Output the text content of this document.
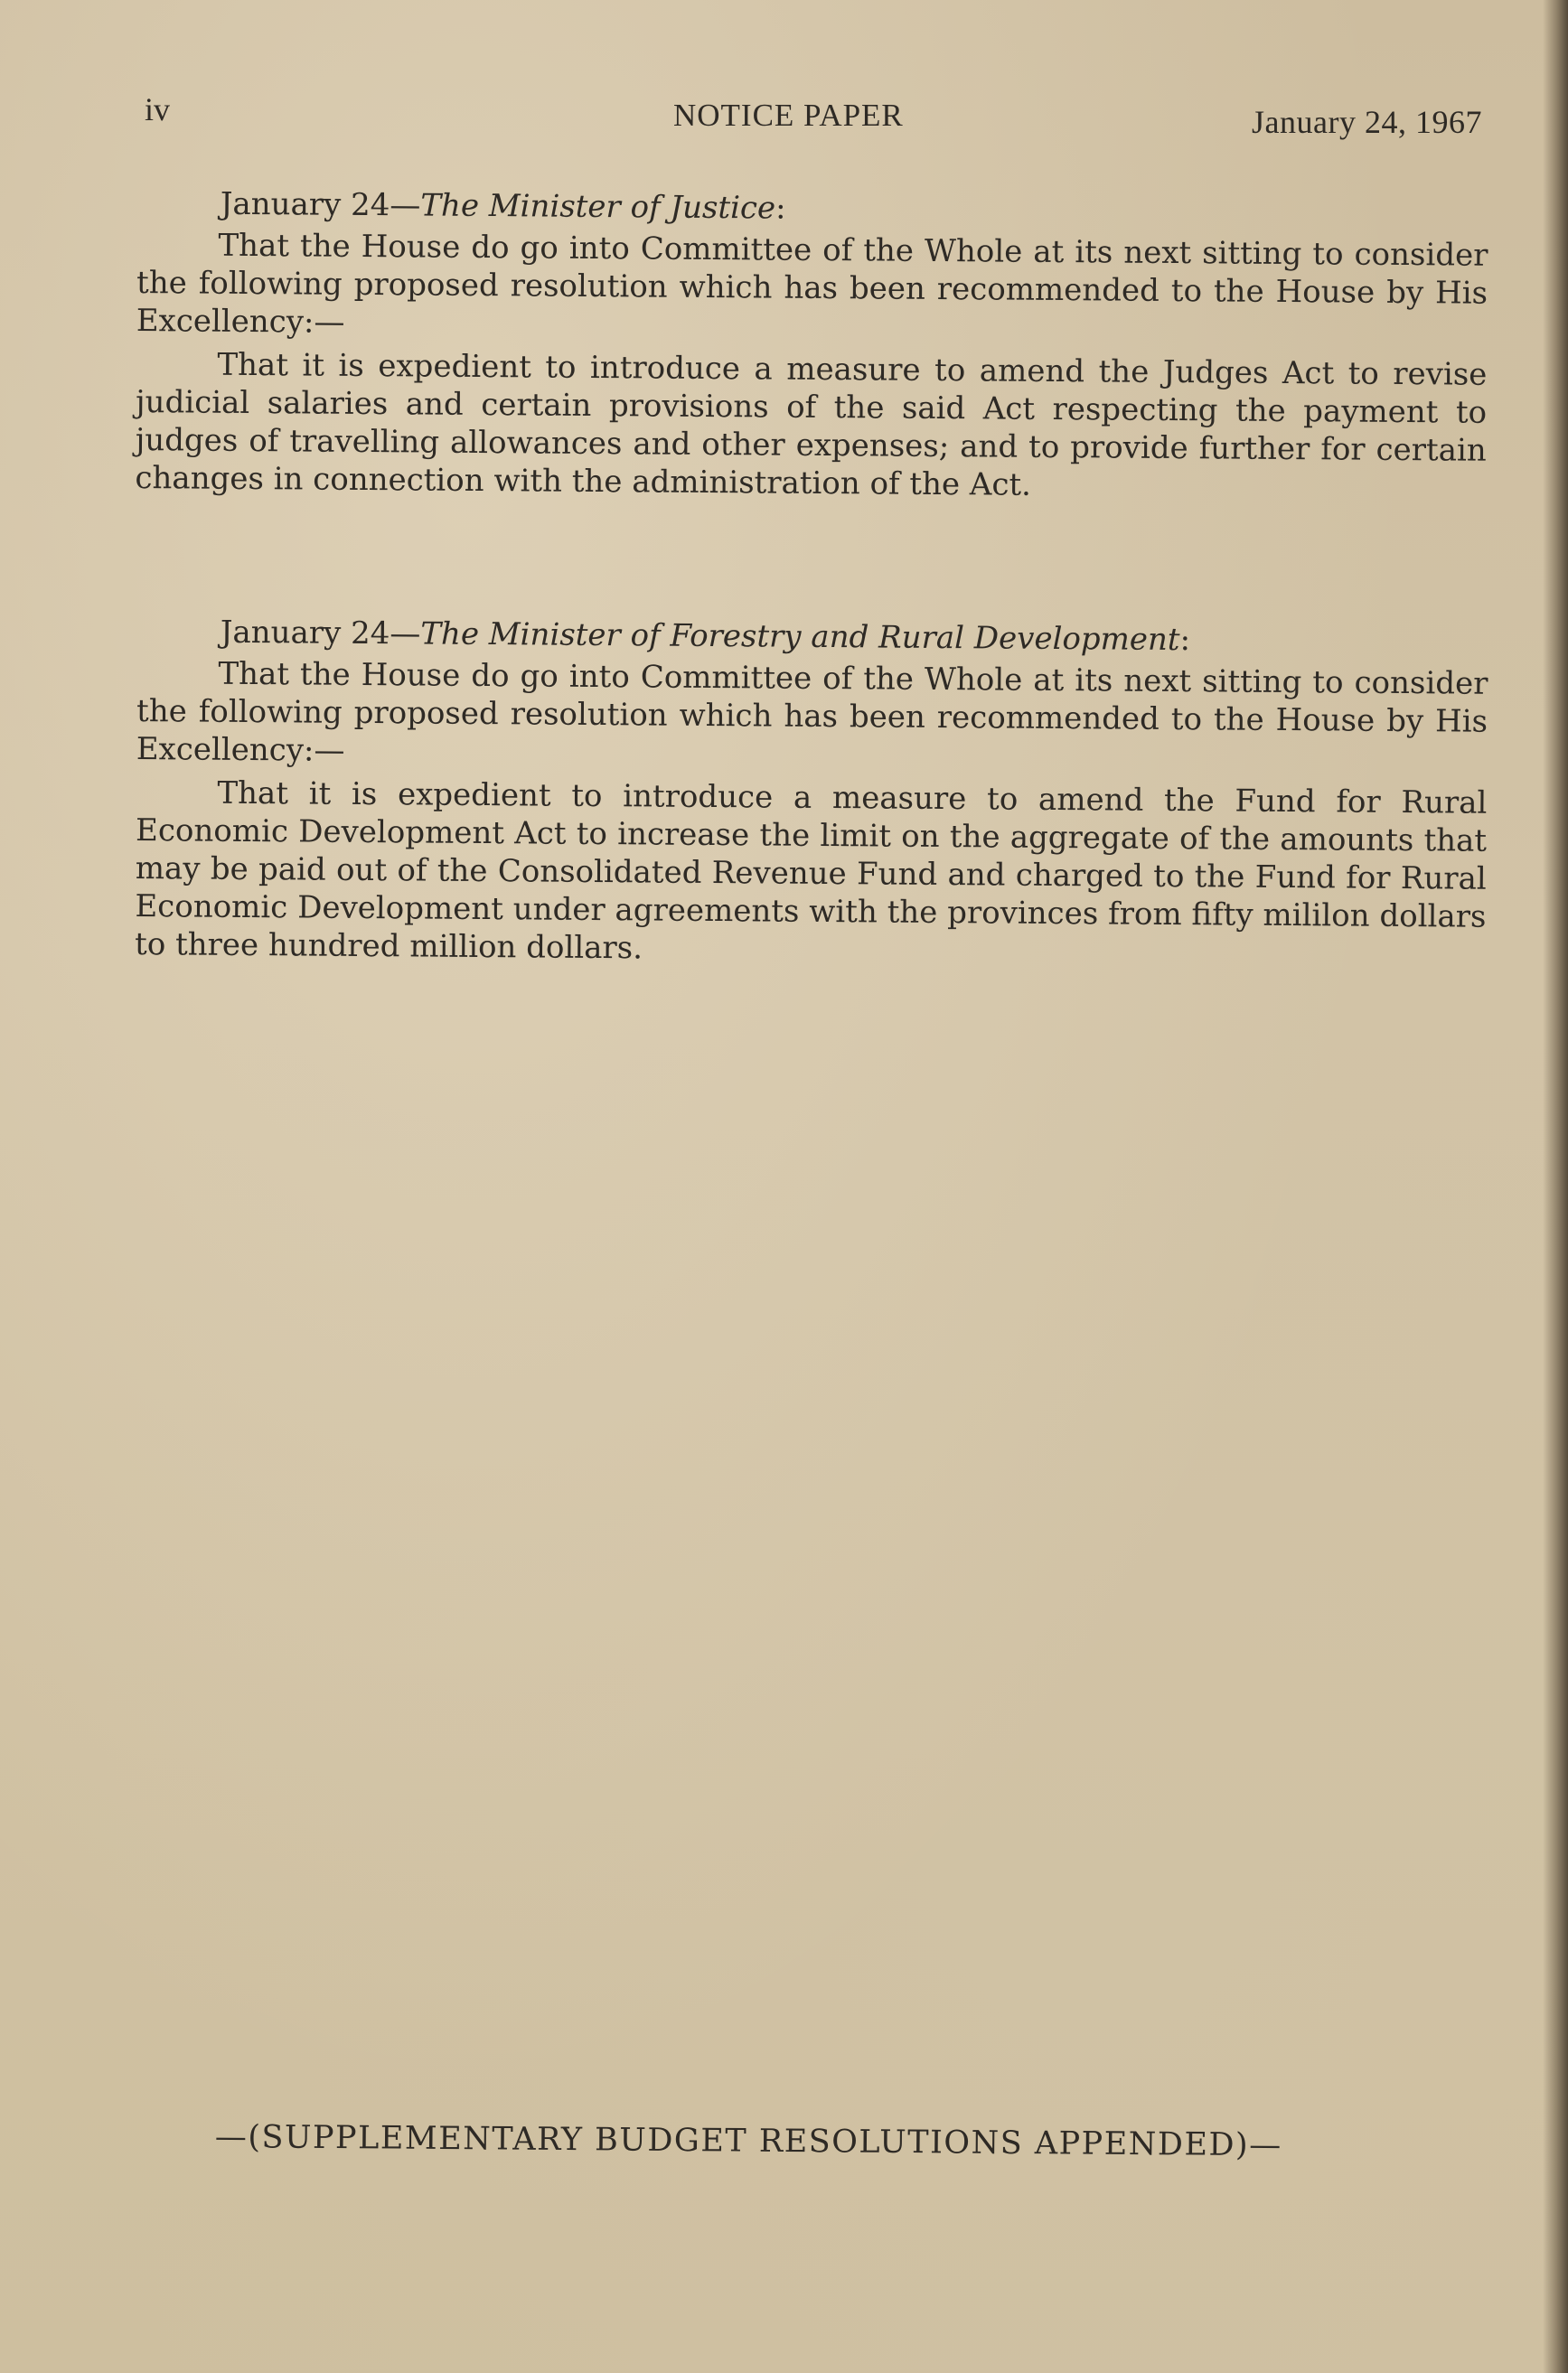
iv	NOTICE PAPER	January 24, 1967
January 24—The Minister of Justice:

That the House do go into Committee of the Whole at its next sitting to consider the following proposed resolution which has been recommended to the House by His Excellency:—

That it is expedient to introduce a measure to amend the Judges Act to revise judicial salaries and certain provisions of the said Act respecting the payment to judges of travelling allowances and other expenses; and to provide further for certain changes in connection with the administration of the Act.

January 24—The Minister of Forestry and Rural Development:

That the House do go into Committee of the Whole at its next sitting to consider the following proposed resolution which has been recommended to the House by His Excellency:—

That it is expedient to introduce a measure to amend the Fund for Rural Economic Development Act to increase the limit on the aggregate of the amounts that may be paid out of the Consolidated Revenue Fund and charged to the Fund for Rural Economic Development under agreements with the provinces from fifty mililon dollars to three hundred million dollars.

—(SUPPLEMENTARY BUDGET RESOLUTIONS APPENDED)—
